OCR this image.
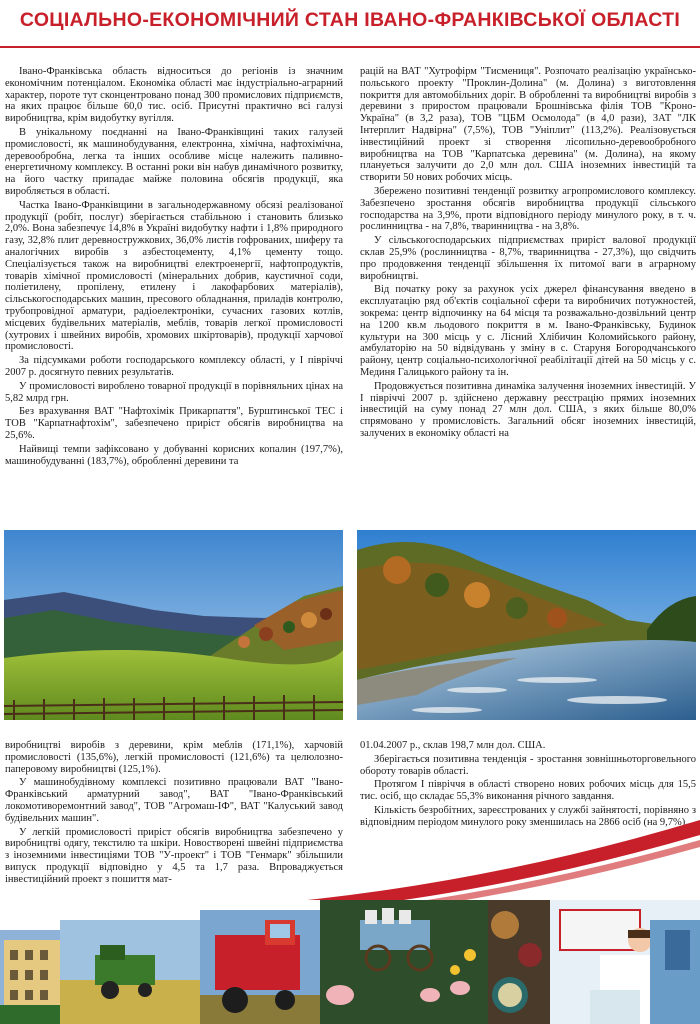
СОЦІАЛЬНО-ЕКОНОМІЧНИЙ СТАН ІВАНО-ФРАНКІВСЬКОЇ ОБЛАСТІ

Івано-Франківська область відноситься до регіонів із значним економічним потенціалом. Економіка області має індустріально-аграрний характер, пороте тут сконцентровано понад 300 промислових підприємств, на яких працює більше 60,0 тис. осіб. Присутні практично всі галузі виробництва, крім видобутку вугілля.

В унікальному поєднанні на Івано-Франківщині таких галузей промисловості, як машинобудування, електронна, хімічна, нафтохімічна, деревообробна, легка та інших особливе місце належить паливно-енергетичному комплексу. В останні роки він набув динамічного розвитку, на його частку припадає майже половина обсягів продукції, яка виробляється в області.

Частка Івано-Франківщини в загальнодержавному обсязі реалізованої продукції (робіт, послуг) зберігається стабільною і становить близько 2,0%. Вона забезпечує 14,8% в Україні видобутку нафти і 1,8% природного газу, 32,8% плит деревностружкових, 36,0% листів гофрованих, шиферу та аналогічних виробів з азбестоцементу, 4,1% цементу тощо. Спеціалізується також на виробництві електроенергії, нафтопродуктів, товарів хімічної промисловості (мінеральних добрив, каустичної соди, поліетилену, пропілену, етилену і лакофарбових матеріалів), сільськогосподарських машин, пресового обладнання, приладів контролю, трубопровідної арматури, радіоелектроніки, сучасних газових котлів, місцевих будівельних матеріалів, меблів, товарів легкої промисловості (хутрових і швейних виробів, хромових шкіртоварів), продукції харчової промисловості.

За підсумками роботи господарського комплексу області, у I півріччі 2007 р. досягнуто певних результатів.

У промисловості вироблено товарної продукції в порівняльних цінах на 5,82 млрд грн.

Без врахування ВАТ "Нафтохімік Прикарпаття", Бурштинської ТЕС і ТОВ "Карпатнафтохім", забезпечено приріст обсягів виробництва на 25,6%.

Найвищі темпи зафіксовано у добуванні корисних копалин (197,7%), машинобудуванні (183,7%), обробленні деревини та

рацій на ВАТ "Хутрофірм "Тисмениця". Розпочато реалізацію українсько-польського проекту "Проклин-Долина" (м. Долина) з виготовлення покриття для автомобільних доріг. В обробленні та виробництві виробів з деревини з приростом працювали Брошнівська філія ТОВ "Кроно-Україна" (в 3,2 раза), ТОВ "ЦБМ Осмолода" (в 4,0 рази), ЗАТ "ЛК Інтерплит Надвірна" (7,5%), ТОВ "Уніплит" (113,2%). Реалізовується інвестиційний проект зі створення лісопильно-деревообробного виробництва на ТОВ "Карпатська деревина" (м. Долина), на якому плануеться залучити до 2,0 млн дол. США іноземних інвестицій та створити 50 нових робочих місць.

Збережено позитивні тенденції розвитку агропромислового комплексу. Забезпечено зростання обсягів виробництва продукції сільського господарства на 3,9%, проти відповідного періоду минулого року, в т. ч. рослинництва - на 7,8%, тваринництва - на 3,8%.

У сільськогосподарських підприємствах приріст валової продукції склав 25,9% (рослинництва - 8,7%, тваринництва - 27,3%), що свідчить про продовження тенденції збільшення їх питомої ваги в аграрному виробництві.

Від початку року за рахунок усіх джерел фінансування введено в експлуатацію ряд об'єктів соціальної сфери та виробничих потужностей, зокрема: центр відпочинку на 64 місця та розважально-дозвільний центр на 1200 кв.м льодового покриття в м. Івано-Франківську, Будинок культури на 300 місць у с. Лісний Хлібичин Коломийського району, амбулаторію на 50 відвідувань у зміну в с. Старуня Богородчанського району, центр соціально-психологічної реабілітації дітей на 50 місць у с. Мединя Галицького району та ін.

Продовжується позитивна динаміка залучення іноземних інвестицій. У I півріччі 2007 р. здійснено державну реєстрацію прямих іноземних інвестицій на суму понад 27 млн дол. США, з яких більше 80,0% спрямовано у промисловість. Загальний обсяг іноземних інвестицій, залучених в економіку області на

виробництві виробів з деревини, крім меблів (171,1%), харчовій промисловості (135,6%), легкій промисловості (121,6%) та целюлозно-паперовому виробництві (125,1%).

У машинобудівному комплексі позитивно працювали ВАТ "Івано-Франківський арматурний завод", ВАТ "Івано-Франківський локомотиворемонтний завод", ТОВ "Агромаш-ІФ", ВАТ "Калуський завод будівельних машин".

У легкій промисловості приріст обсягів виробництва забезпечено у виробництві одягу, текстилю та шкіри. Новостворені швейні підприємства з іноземними інвестиціями ТОВ "У-проект" і ТОВ "Генмарк" збільшили випуск продукції відповідно у 4,5 та 1,7 раза. Впроваджується інвестиційний проект з пошиття мат-

01.04.2007 р., склав 198,7 млн дол. США.

Зберігається позитивна тенденція - зростання зовнішньоторговельного обороту товарів області.

Протягом I півріччя в області створено нових робочих місць для 15,5 тис. осіб, що складає 55,3% виконання річного завдання.

Кількість безробітних, зареєстрованих у службі зайнятості, порівняно з відповідним періодом минулого року зменшилась на 2866 осіб (на 9,7%).
